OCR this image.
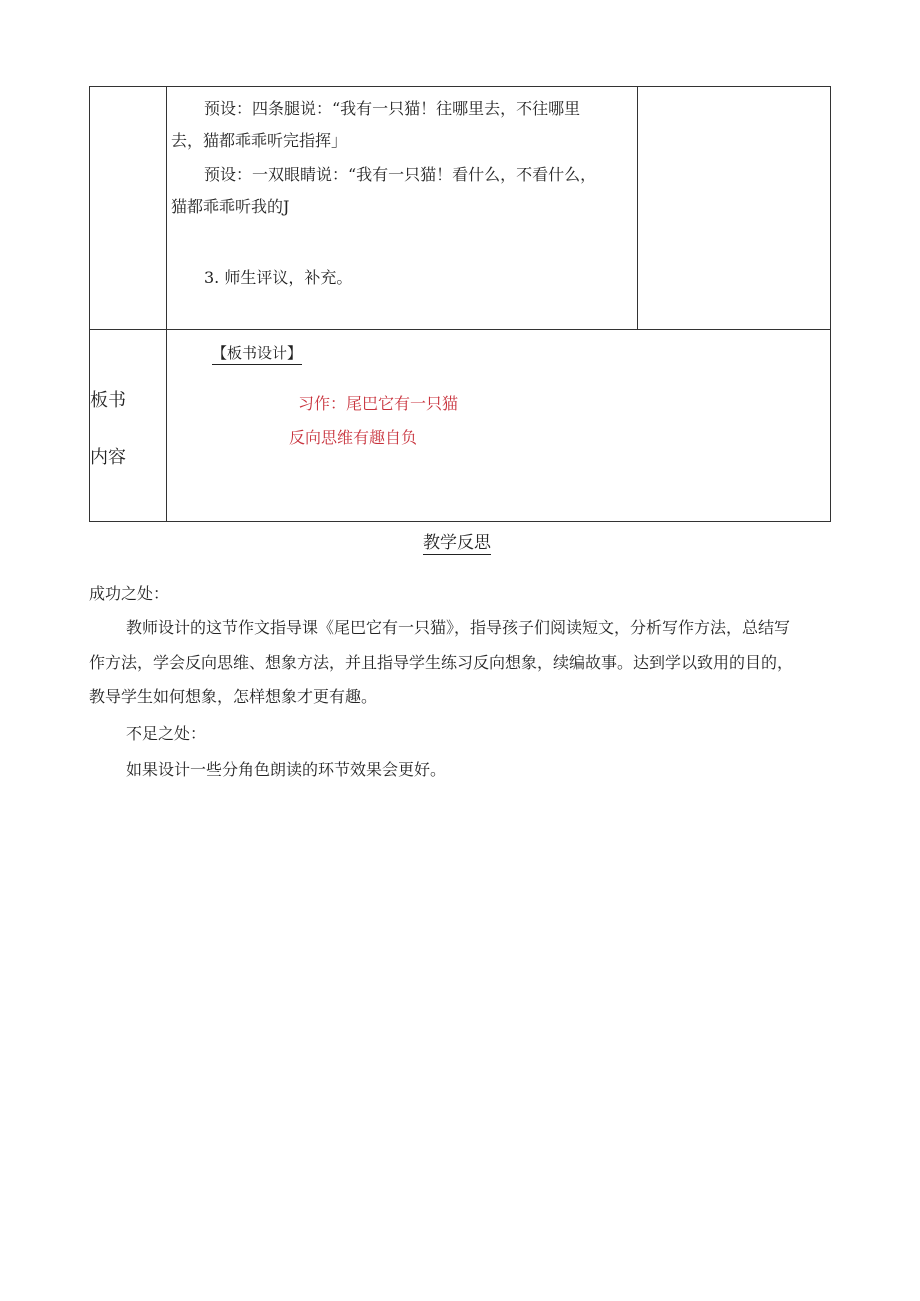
预设：四条腿说：“我有一只猫！往哪里去，不往哪里
去，猫都乖乖听完指挥」
预设：一双眼睛说：“我有一只猫！看什么，不看什么，
猫都乖乖听我的J
3. 师生评议，补充。
板书
内容
【板书设计】
习作：尾巴它有一只猫
反向思维有趣自负
教学反思
成功之处：
教师设计的这节作文指导课《尾巴它有一只猫》，指导孩子们阅读短文，分析写作方法，总结写
作方法，学会反向思维、想象方法，并且指导学生练习反向想象，续编故事。达到学以致用的目的，
教导学生如何想象，怎样想象才更有趣。
不足之处：
如果设计一些分角色朗读的环节效果会更好。
